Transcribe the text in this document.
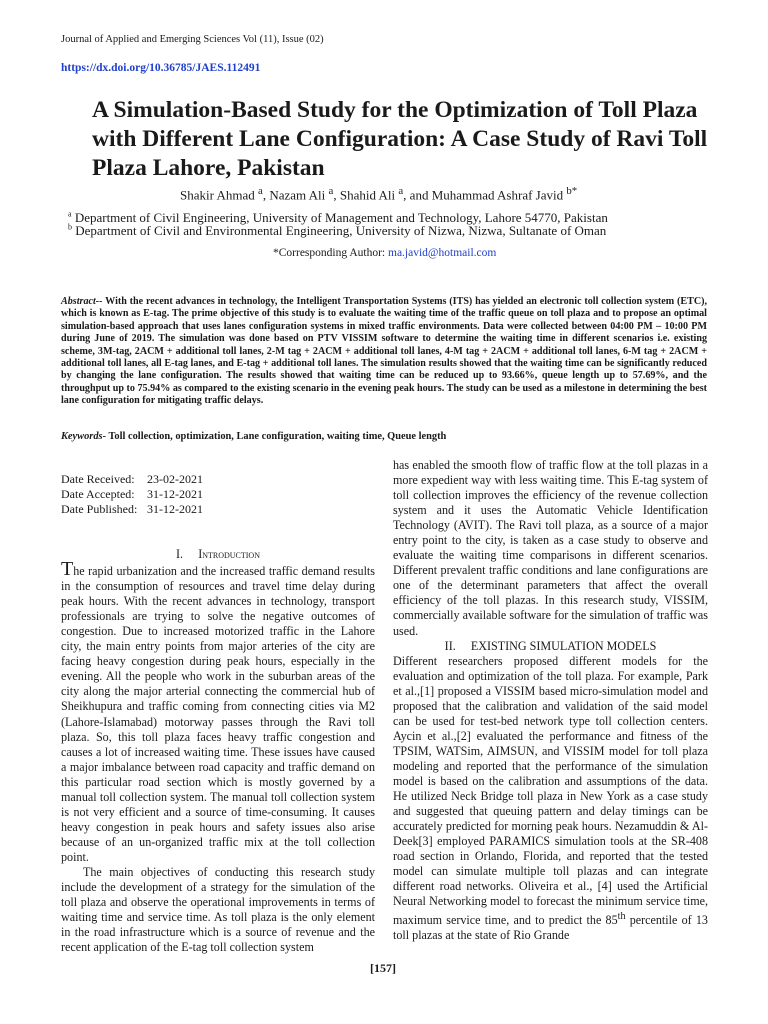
Journal of Applied and Emerging Sciences Vol (11), Issue (02)
https://dx.doi.org/10.36785/JAES.112491
A Simulation-Based Study for the Optimization of Toll Plaza with Different Lane Configuration: A Case Study of Ravi Toll Plaza Lahore, Pakistan
Shakir Ahmad $^a$, Nazam Ali $^a$, Shahid Ali $^a$, and Muhammad Ashraf Javid $^{b*}$
$^a$ Department of Civil Engineering, University of Management and Technology, Lahore 54770, Pakistan
$^b$ Department of Civil and Environmental Engineering, University of Nizwa, Nizwa, Sultanate of Oman
*Corresponding Author: ma.javid@hotmail.com
Abstract-- With the recent advances in technology, the Intelligent Transportation Systems (ITS) has yielded an electronic toll collection system (ETC), which is known as E-tag. The prime objective of this study is to evaluate the waiting time of the traffic queue on toll plaza and to propose an optimal simulation-based approach that uses lanes configuration systems in mixed traffic environments. Data were collected between 04:00 PM – 10:00 PM during June of 2019. The simulation was done based on PTV VISSIM software to determine the waiting time in different scenarios i.e. existing scheme, 3M-tag, 2ACM + additional toll lanes, 2-M tag + 2ACM + additional toll lanes, 4-M tag + 2ACM + additional toll lanes, 6-M tag + 2ACM + additional toll lanes, all E-tag lanes, and E-tag + additional toll lanes. The simulation results showed that the waiting time can be significantly reduced by changing the lane configuration. The results showed that waiting time can be reduced up to 93.66%, queue length up to 57.69%, and the throughput up to 75.94% as compared to the existing scenario in the evening peak hours. The study can be used as a milestone in determining the best lane configuration for mitigating traffic delays.
Keywords- Toll collection, optimization, Lane configuration, waiting time, Queue length
Date Received: 23-02-2021
Date Accepted: 31-12-2021
Date Published: 31-12-2021
I. Introduction

The rapid urbanization and the increased traffic demand results in the consumption of resources and travel time delay during peak hours. With the recent advances in technology, transport professionals are trying to solve the negative outcomes of congestion. Due to increased motorized traffic in the Lahore city, the main entry points from major arteries of the city are facing heavy congestion during peak hours, especially in the evening. All the people who work in the suburban areas of the city along the major arterial connecting the commercial hub of Sheikhupura and traffic coming from connecting cities via M2 (Lahore-Islamabad) motorway passes through the Ravi toll plaza. So, this toll plaza faces heavy traffic congestion and causes a lot of increased waiting time. These issues have caused a major imbalance between road capacity and traffic demand on this particular road section which is mostly governed by a manual toll collection system. The manual toll collection system is not very efficient and a source of time-consuming. It causes heavy congestion in peak hours and safety issues also arise because of an un-organized traffic mix at the toll collection point.

The main objectives of conducting this research study include the development of a strategy for the simulation of the toll plaza and observe the operational improvements in terms of waiting time and service time. As toll plaza is the only element in the road infrastructure which is a source of revenue and the recent application of the E-tag toll collection system

has enabled the smooth flow of traffic flow at the toll plazas in a more expedient way with less waiting time. This E-tag system of toll collection improves the efficiency of the revenue collection system and it uses the Automatic Vehicle Identification Technology (AVIT). The Ravi toll plaza, as a source of a major entry point to the city, is taken as a case study to observe and evaluate the waiting time comparisons in different scenarios. Different prevalent traffic conditions and lane configurations are one of the determinant parameters that affect the overall efficiency of the toll plazas. In this research study, VISSIM, commercially available software for the simulation of traffic was used.

II. EXISTING SIMULATION MODELS

Different researchers proposed different models for the evaluation and optimization of the toll plaza. For example, Park et al.,[1] proposed a VISSIM based micro-simulation model and proposed that the calibration and validation of the said model can be used for test-bed network type toll collection centers. Aycin et al.,[2] evaluated the performance and fitness of the TPSIM, WATSim, AIMSUN, and VISSIM model for toll plaza modeling and reported that the performance of the simulation model is based on the calibration and assumptions of the data. He utilized Neck Bridge toll plaza in New York as a case study and suggested that queuing pattern and delay timings can be accurately predicted for morning peak hours. Nezamuddin & Al-Deek[3] employed PARAMICS simulation tools at the SR-408 road section in Orlando, Florida, and reported that the tested model can simulate multiple toll plazas and can integrate different road networks. Oliveira et al., [4] used the Artificial Neural Networking model to forecast the minimum service time, maximum service time, and to predict the 85th percentile of 13 toll plazas at the state of Rio Grande

[157]
